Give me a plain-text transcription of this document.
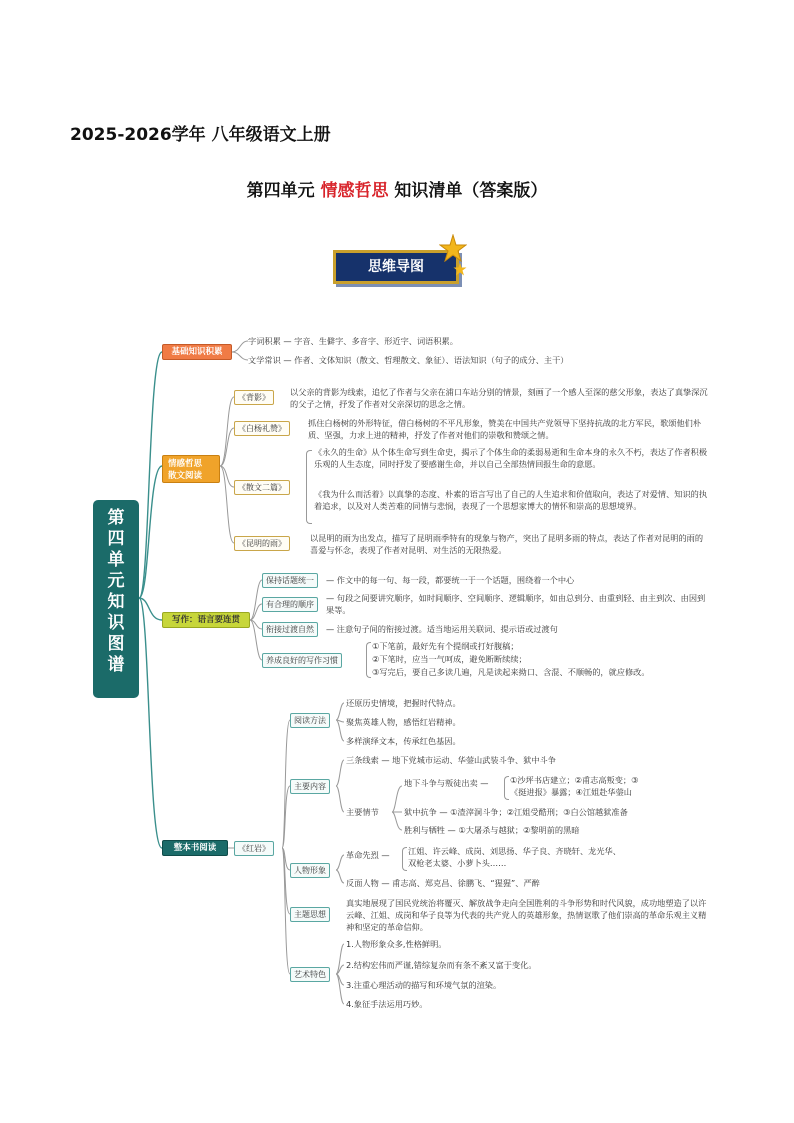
2025-2026学年 八年级语文上册
第四单元 情感哲思 知识清单（答案版）
思维导图
第
四
单
元
知
识
图
谱
基础知识积累
字词积累 — 字音、生僻字、多音字、形近字、词语积累。
文学常识 — 作者、文体知识（散文、哲理散文、象征）、语法知识（句子的成分、主干）
情感哲思
散文阅读
《背影》
以父亲的背影为线索，追忆了作者与父亲在浦口车站分别的情景，刻画了一个感人至深的慈父形象，表达了真挚深沉的父子之情，抒发了作者对父亲深切的思念之情。
《白杨礼赞》
抓住白杨树的外形特征，借白杨树的不平凡形象，赞美在中国共产党领导下坚持抗战的北方军民，歌颂他们朴质、坚强，力求上进的精神，抒发了作者对他们的崇敬和赞颂之情。
《散文二篇》
《永久的生命》从个体生命写到生命史，揭示了个体生命的柔弱易逝和生命本身的永久不朽，表达了作者积极乐观的人生态度，同时抒发了要感谢生命，并以自己全部热情回报生命的意愿。
《我为什么而活着》以真挚的态度、朴素的语言写出了自己的人生追求和价值取向，表达了对爱情、知识的执着追求，以及对人类苦难的同情与悲悯，表现了一个思想家博大的情怀和崇高的思想境界。
《昆明的雨》
以昆明的雨为出发点，描写了昆明雨季特有的现象与物产，突出了昆明多雨的特点，表达了作者对昆明的雨的喜爱与怀念，表现了作者对昆明、对生活的无限热爱。
写作：语言要连贯
保持话题统一	— 作文中的每一句、每一段，都要统一于一个话题，围绕着一个中心
有合理的顺序
— 句段之间要讲究顺序，如时间顺序、空间顺序、逻辑顺序，如由总到分、由重到轻、由主到次、由因到果等。
衔接过渡自然	— 注意句子间的衔接过渡。适当地运用关联词、提示语或过渡句
养成良好的写作习惯
①下笔前，最好先有个提纲或打好腹稿；
②下笔时，应当一气呵成，避免断断续续；
③写完后，要自己多读几遍，凡是读起来拗口、含混、不顺畅的，就应修改。
整本书阅读	《红岩》
阅读方法
还原历史情境，把握时代特点。
聚焦英雄人物，感悟红岩精神。
多样演绎文本，传承红色基因。
主要内容
三条线索 — 地下党城市运动、华蓥山武装斗争、狱中斗争
主要情节
地下斗争与叛徒出卖 —	①沙坪书店建立；②甫志高叛变；③
《挺进报》暴露；④江姐赴华蓥山
狱中抗争 — ①渣滓洞斗争；②江姐受酷刑；③白公馆越狱准备
胜利与牺牲 — ①大屠杀与越狱；②黎明前的黑暗
人物形象
革命先烈 — 江姐、许云峰、成岗、刘思扬、华子良、齐晓轩、龙光华、
双枪老太婆、小萝卜头……
反面人物 — 甫志高、郑克昌、徐鹏飞、“猩猩”、严醉
主题思想
真实地展现了国民党统治将覆灭、解放战争走向全国胜利的斗争形势和时代风貌，成功地塑造了以许云峰、江姐、成岗和华子良等为代表的共产党人的英雄形象，热情讴歌了他们崇高的革命乐观主义精神和坚定的革命信仰。
艺术特色
1.人物形象众多,性格鲜明。
2.结构宏伟而严谨,错综复杂而有条不紊又富于变化。
3.注重心理活动的描写和环境气氛的渲染。
4.象征手法运用巧妙。
